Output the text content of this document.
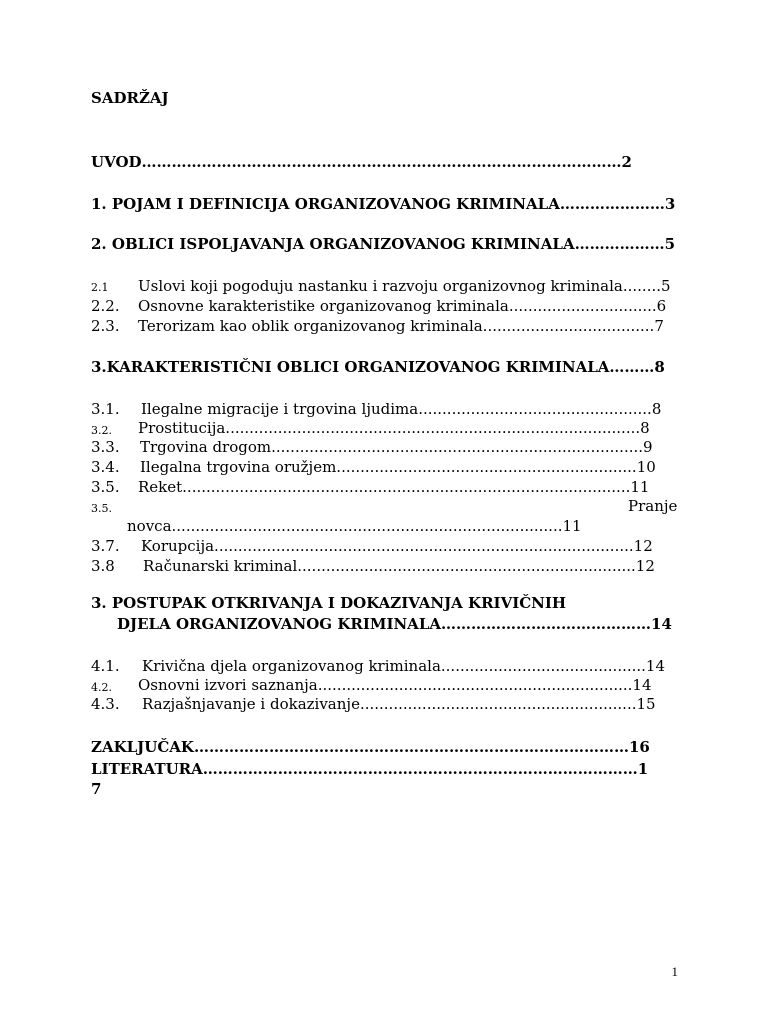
SADRŽAJ
UVOD……………………………………………………………………………………2
1. POJAM I DEFINICIJA ORGANIZOVANOG KRIMINALA…………………3
2. OBLICI ISPOLJAVANJA ORGANIZOVANOG KRIMINALA………………5
2.1 Uslovi koji pogoduju nastanku i razvoju organizovnog kriminala........5
2.2. Osnovne karakteristike organizovanog kriminala...............................6
2.3. Terorizam kao oblik organizovanog kriminala....................................7
3.KARAKTERISTIČNI OBLICI ORGANIZOVANOG KRIMINALA………8
3.1. Ilegalne migracije i trgovina ljudima.................................................8
3.2. Prostitucija.......................................................................................8
3.3. Trgovina drogom..............................................................................9
3.4. Ilegalna trgovina oružjem...............................................................10
3.5. Reket..............................................................................................11
3.5.	Pranje
novca..................................................................................11
3.7. Korupcija........................................................................................12
3.8 Računarski kriminal.......................................................................12
3. POSTUPAK OTKRIVANJA I DOKAZIVANJA KRIVIČNIH
DJELA ORGANIZOVANOG KRIMINALA……………………………………14
4.1. Krivična djela organizovanog kriminala...........................................14
4.2. Osnovni izvori saznanja..................................................................14
4.3. Razjašnjavanje i dokazivanje..........................................................15
ZAKLJUČAK……………………………………………………………………………16
LITERATURA……………………………………………………………………………1
7
1
